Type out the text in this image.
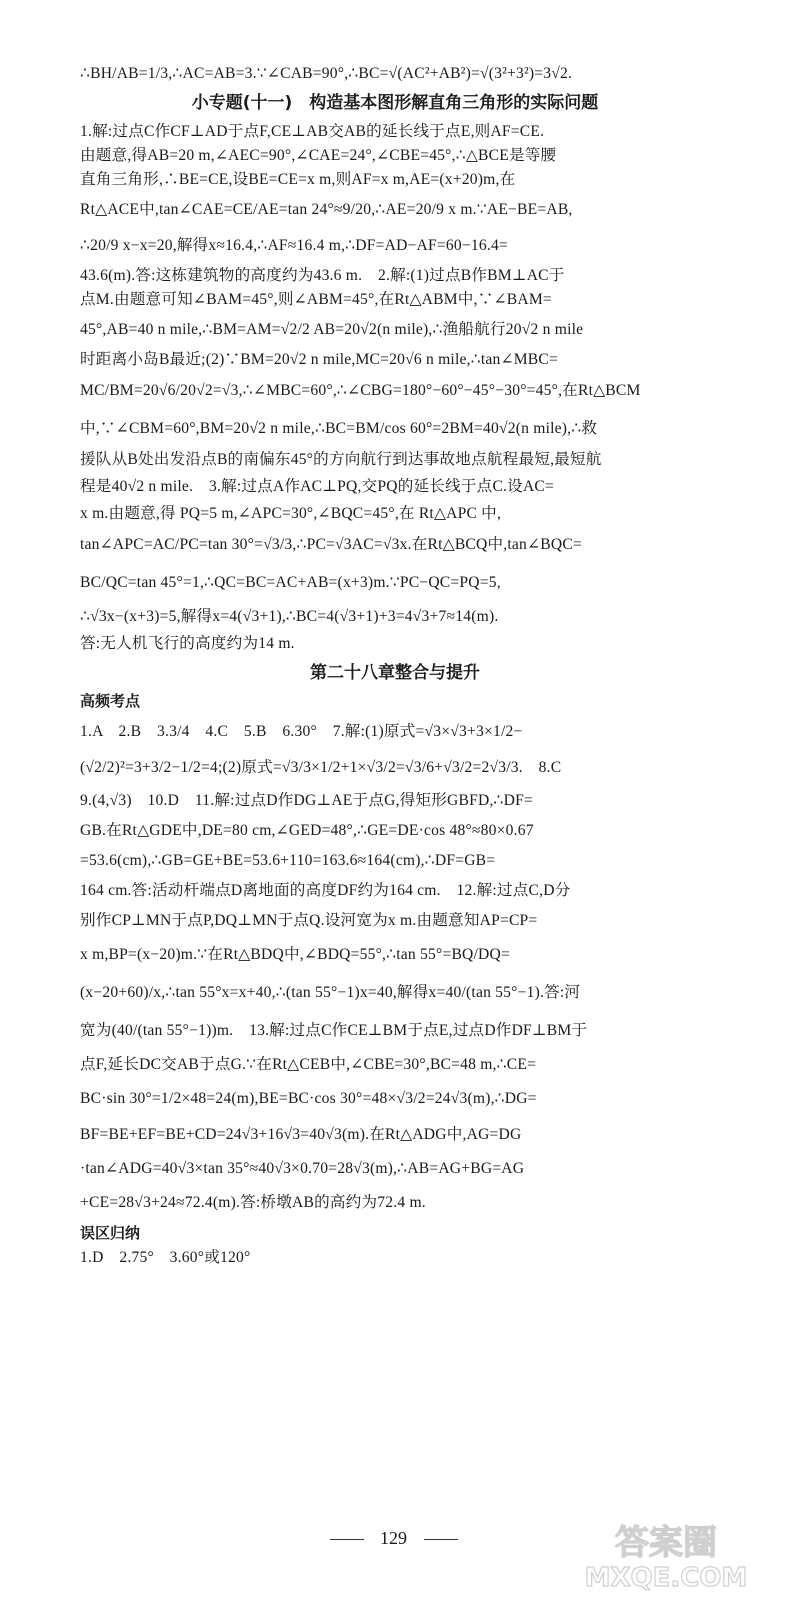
∴BH/AB=1/3,∴AC=AB=3.∵∠CAB=90°,∴BC=√(AC²+AB²)=√(3²+3²)=3√2.

小专题(十一)　构造基本图形解直角三角形的实际问题

1.解:过点C作CF⊥AD于点F,CE⊥AB交AB的延长线于点E,则AF=CE.

由题意,得AB=20 m,∠AEC=90°,∠CAE=24°,∠CBE=45°,∴△BCE是等腰

直角三角形,∴BE=CE,设BE=CE=x m,则AF=x m,AE=(x+20)m,在

Rt△ACE中,tan∠CAE=CE/AE=tan 24°≈9/20,∴AE=20/9 x m.∵AE−BE=AB,

∴20/9 x−x=20,解得x≈16.4,∴AF≈16.4 m,∴DF=AD−AF=60−16.4=

43.6(m).答:这栋建筑物的高度约为43.6 m.　2.解:(1)过点B作BM⊥AC于

点M.由题意可知∠BAM=45°,则∠ABM=45°,在Rt△ABM中,∵∠BAM=

45°,AB=40 n mile,∴BM=AM=√2/2 AB=20√2(n mile),∴渔船航行20√2 n mile

时距离小岛B最近;(2)∵BM=20√2 n mile,MC=20√6 n mile,∴tan∠MBC=

MC/BM=20√6/20√2=√3,∴∠MBC=60°,∴∠CBG=180°−60°−45°−30°=45°,在Rt△BCM

中,∵∠CBM=60°,BM=20√2 n mile,∴BC=BM/cos 60°=2BM=40√2(n mile),∴救

援队从B处出发沿点B的南偏东45°的方向航行到达事故地点航程最短,最短航

程是40√2 n mile.　3.解:过点A作AC⊥PQ,交PQ的延长线于点C.设AC=

x m.由题意,得 PQ=5 m,∠APC=30°,∠BQC=45°,在 Rt△APC 中,

tan∠APC=AC/PC=tan 30°=√3/3,∴PC=√3AC=√3x.在Rt△BCQ中,tan∠BQC=

BC/QC=tan 45°=1,∴QC=BC=AC+AB=(x+3)m.∵PC−QC=PQ=5,

∴√3x−(x+3)=5,解得x=4(√3+1),∴BC=4(√3+1)+3=4√3+7≈14(m).

答:无人机飞行的高度约为14 m.

第二十八章整合与提升
高频考点

1.A　2.B　3.3/4　4.C　5.B　6.30°　7.解:(1)原式=√3×√3+3×1/2−

(√2/2)²=3+3/2−1/2=4;(2)原式=√3/3×1/2+1×√3/2=√3/6+√3/2=2√3/3.　8.C

9.(4,√3)　10.D　11.解:过点D作DG⊥AE于点G,得矩形GBFD,∴DF=

GB.在Rt△GDE中,DE=80 cm,∠GED=48°,∴GE=DE·cos 48°≈80×0.67

=53.6(cm),∴GB=GE+BE=53.6+110=163.6≈164(cm),∴DF=GB=

164 cm.答:活动杆端点D离地面的高度DF约为164 cm.　12.解:过点C,D分

别作CP⊥MN于点P,DQ⊥MN于点Q.设河宽为x m.由题意知AP=CP=

x m,BP=(x−20)m.∵在Rt△BDQ中,∠BDQ=55°,∴tan 55°=BQ/DQ=

(x−20+60)/x,∴tan 55°x=x+40,∴(tan 55°−1)x=40,解得x=40/(tan 55°−1).答:河

宽为(40/(tan 55°−1))m.　13.解:过点C作CE⊥BM于点E,过点D作DF⊥BM于

点F,延长DC交AB于点G.∵在Rt△CEB中,∠CBE=30°,BC=48 m,∴CE=

BC·sin 30°=1/2×48=24(m),BE=BC·cos 30°=48×√3/2=24√3(m),∴DG=

BF=BE+EF=BE+CD=24√3+16√3=40√3(m).在Rt△ADG中,AG=DG

·tan∠ADG=40√3×tan 35°≈40√3×0.70=28√3(m),∴AB=AG+BG=AG

+CE=28√3+24≈72.4(m).答:桥墩AB的高约为72.4 m.

误区归纳

1.D　2.75°　3.60°或120°

129	答案圈
MXQE.COM
